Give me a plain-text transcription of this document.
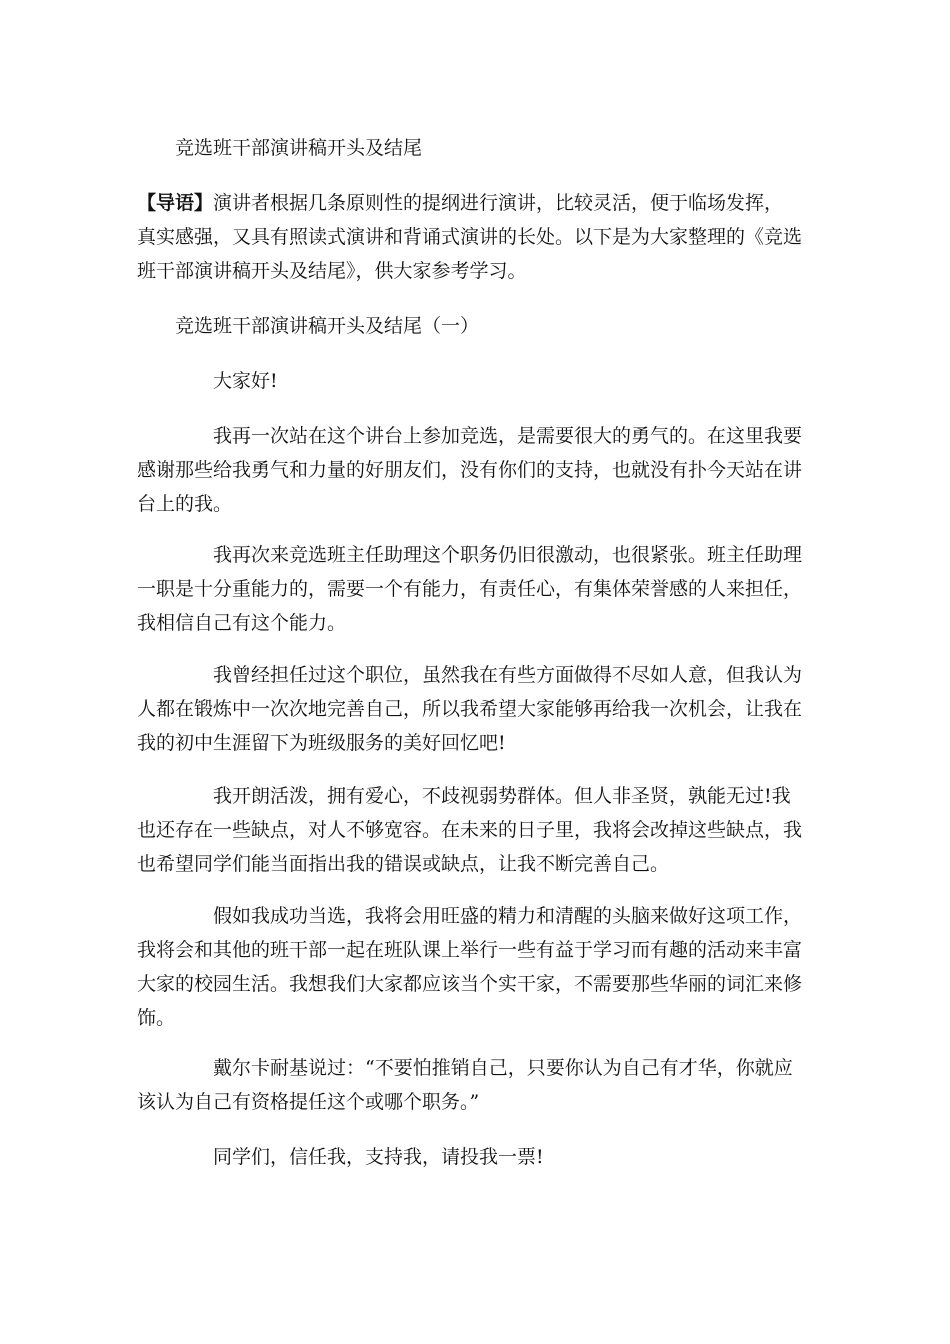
竞选班干部演讲稿开头及结尾

【导语】演讲者根据几条原则性的提纲进行演讲，比较灵活，便于临场发挥，
真实感强，又具有照读式演讲和背诵式演讲的长处。以下是为大家整理的《竞选
班干部演讲稿开头及结尾》，供大家参考学习。

竞选班干部演讲稿开头及结尾（一）

大家好!

我再一次站在这个讲台上参加竞选，是需要很大的勇气的。在这里我要
感谢那些给我勇气和力量的好朋友们，没有你们的支持，也就没有扑今天站在讲
台上的我。
我再次来竞选班主任助理这个职务仍旧很激动，也很紧张。班主任助理
一职是十分重能力的，需要一个有能力，有责任心，有集体荣誉感的人来担任，
我相信自己有这个能力。
我曾经担任过这个职位，虽然我在有些方面做得不尽如人意，但我认为
人都在锻炼中一次次地完善自己，所以我希望大家能够再给我一次机会，让我在
我的初中生涯留下为班级服务的美好回忆吧!
我开朗活泼，拥有爱心，不歧视弱势群体。但人非圣贤，孰能无过!我
也还存在一些缺点，对人不够宽容。在未来的日子里，我将会改掉这些缺点，我
也希望同学们能当面指出我的错误或缺点，让我不断完善自己。
假如我成功当选，我将会用旺盛的精力和清醒的头脑来做好这项工作，
我将会和其他的班干部一起在班队课上举行一些有益于学习而有趣的活动来丰富
大家的校园生活。我想我们大家都应该当个实干家，不需要那些华丽的词汇来修
饰。
戴尔卡耐基说过：“不要怕推销自己，只要你认为自己有才华，你就应
该认为自己有资格提任这个或哪个职务。”
同学们，信任我，支持我，请投我一票!
